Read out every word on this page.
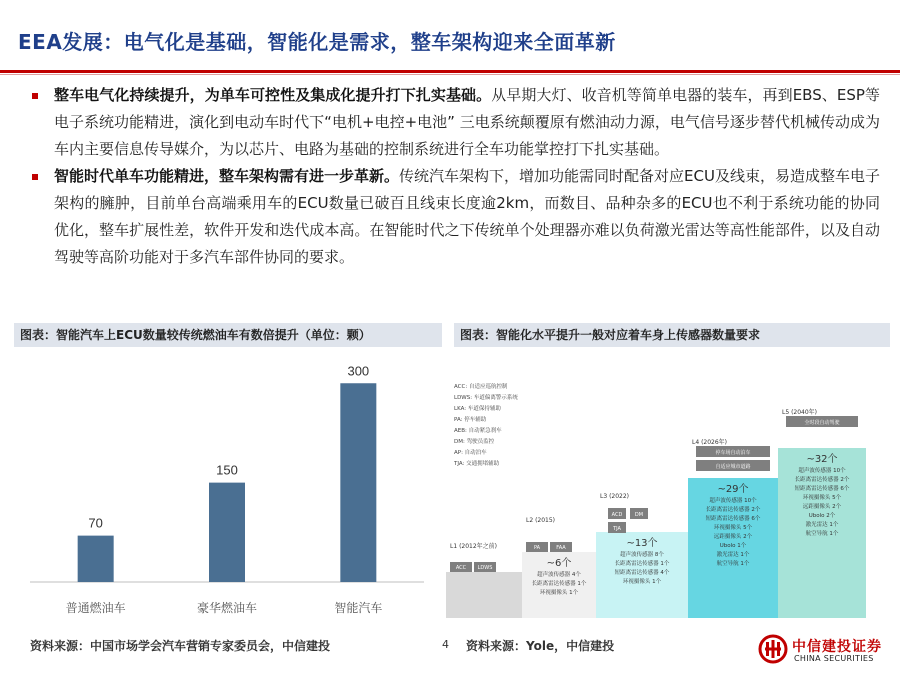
EEA发展：电气化是基础，智能化是需求，整车架构迎来全面革新
整车电气化持续提升，为单车可控性及集成化提升打下扎实基础。从早期大灯、收音机等简单电器的装车，再到EBS、ESP等电子系统功能精进，演化到电动车时代下“电机+电控+电池” 三电系统颠覆原有燃油动力源，电气信号逐步替代机械传动成为车内主要信息传导媒介，为以芯片、电路为基础的控制系统进行全车功能掌控打下扎实基础。
智能时代单车功能精进，整车架构需有进一步革新。传统汽车架构下，增加功能需同时配备对应ECU及线束，易造成整车电子架构的臃肿，目前单台高端乘用车的ECU数量已破百且线束长度逾2km，而数目、品种杂多的ECU也不利于系统功能的协同优化，整车扩展性差，软件开发和迭代成本高。在智能时代之下传统单个处理器亦难以负荷激光雷达等高性能部件，以及自动驾驶等高阶功能对于多汽车部件协同的要求。
图表：智能汽车上ECU数量较传统燃油车有数倍提升（单位：颗）	图表：智能化水平提升一般对应着车身上传感器数量要求
70
普通燃油车
150
豪华燃油车
300
智能汽车
L1 (2012年之前)
ACC LDWS
L2 (2015)
PA	FAA
~6个
超声波传感器 4个
长距离雷达传感器 1个
环视摄像头 1个
L3 (2022)
ACD	DM
TJA
~13个
超声波传感器 8个
长距离雷达传感器 1个
短距离雷达传感器 4个
环视摄像头 1个
L4 (2026年)
停车场自动泊车
自适应城市道路
~29个
超声波传感器 10个
长距离雷达传感器 2个
短距离雷达传感器 6个
环视摄像头 5个
远距摄像头 2个
Ubolo 1个
激光雷达 1个
航空导航 1个
L5 (2040年)
全时段自动驾驶
~32个
超声波传感器 10个
长距离雷达传感器 2个
短距离雷达传感器 6个
环视摄像头 5个
远距摄像头 2个
Ubolo 2个
激光雷达 1个
航空导航 1个
ACC: 自适应巡航控制
LDWS: 车道偏离警示系统
LKA: 车道保持辅助
PA: 停车辅助
AEB: 自动紧急刹车
DM: 驾驶员监控
AP: 自动泊车
TJA: 交通拥堵辅助
资料来源：中国市场学会汽车营销专家委员会，中信建投	4 资料来源：Yole，中信建投	中信建投证券
CHINA SECURITIES
